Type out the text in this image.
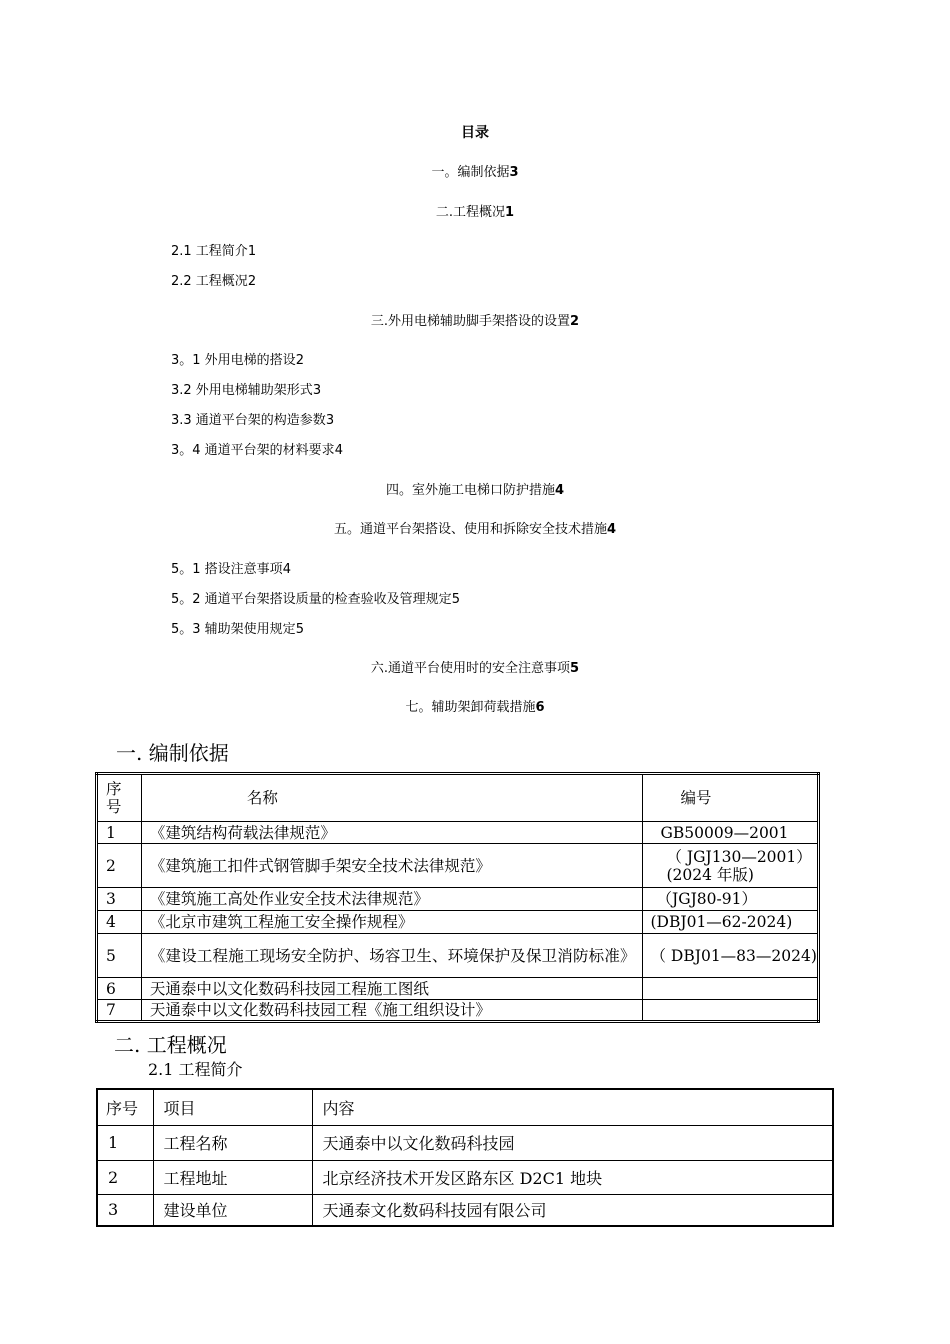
目录
一。编制依据3
二.工程概况1
2.1 工程简介1
2.2 工程概况2
三.外用电梯辅助脚手架搭设的设置2
3。1 外用电梯的搭设2
3.2 外用电梯辅助架形式3
3.3 通道平台架的构造参数3
3。4 通道平台架的材料要求4
四。室外施工电梯口防护措施4
五。通道平台架搭设、使用和拆除安全技术措施4
5。1 搭设注意事项4
5。2 通道平台架搭设质量的检查验收及管理规定5
5。3 辅助架使用规定5
六.通道平台使用时的安全注意事项5
七。辅助架卸荷载措施6
一. 编制依据
序
号	名称	编号
1	《建筑结构荷载法律规范》	GB50009—2001
2	《建筑施工扣件式钢管脚手架安全技术法律规范》	（ JGJ130—2001）
(2024 年版)
3	《建筑施工高处作业安全技术法律规范》	（JGJ80-91）
4	《北京市建筑工程施工安全操作规程》	(DBJ01—62-2024)
5	《建设工程施工现场安全防护、场容卫生、环境保护及保卫消防标准》	（ DBJ01—83—2024)
6	天通泰中以文化数码科技园工程施工图纸	
7	天通泰中以文化数码科技园工程《施工组织设计》	
二. 工程概况
2.1 工程简介
序号	项目	内容
1	工程名称	天通泰中以文化数码科技园
2	工程地址	北京经济技术开发区路东区 D2C1 地块
3	建设单位	天通泰文化数码科技园有限公司
